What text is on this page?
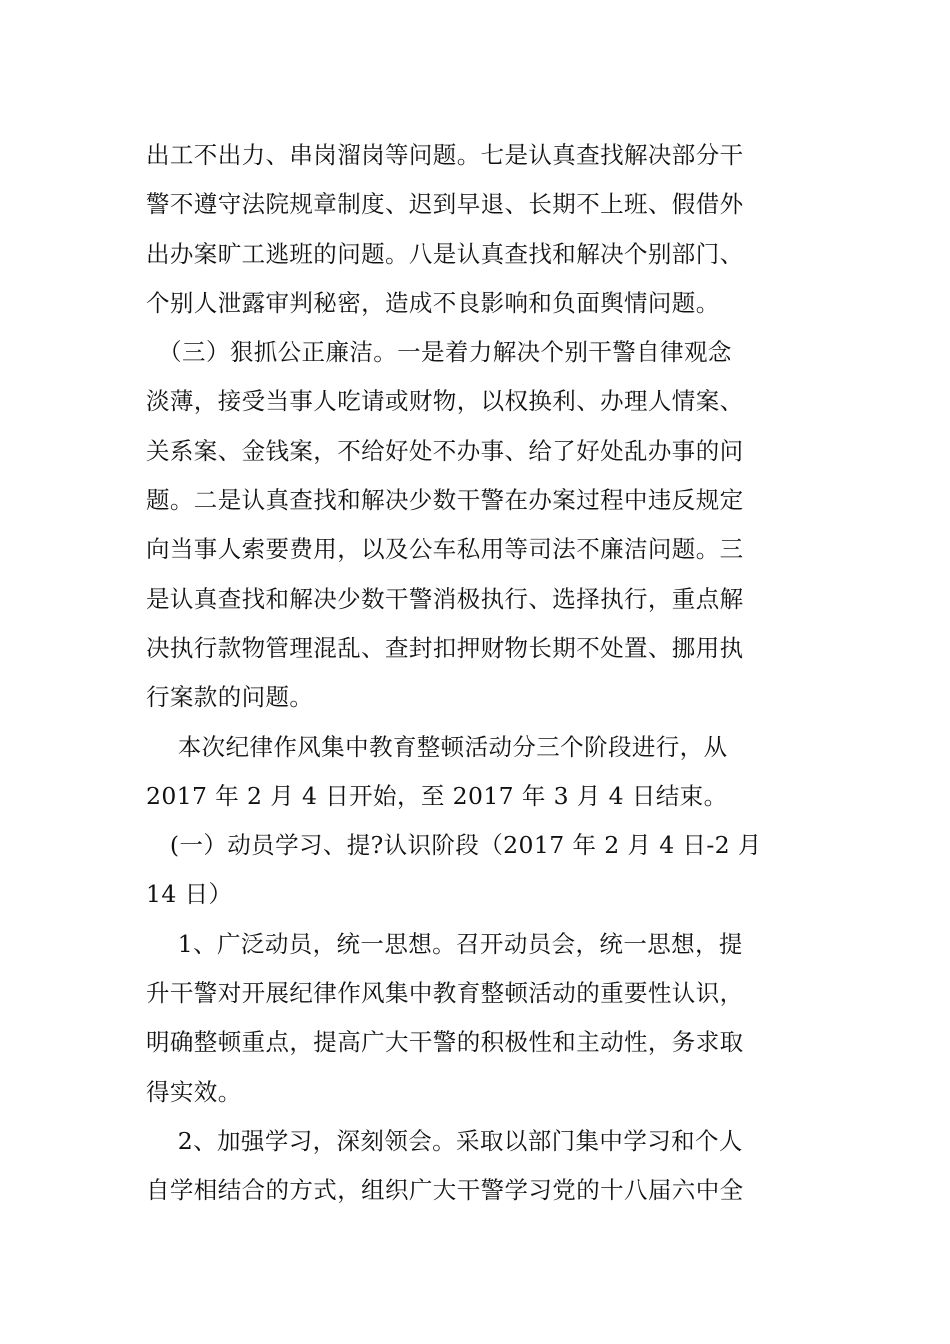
出工不出力、串岗溜岗等问题。七是认真查找解决部分干
警不遵守法院规章制度、迟到早退、长期不上班、假借外
出办案旷工逃班的问题。八是认真查找和解决个别部门、
个别人泄露审判秘密，造成不良影响和负面舆情问题。
　（三）狠抓公正廉洁。一是着力解决个别干警自律观念
淡薄，接受当事人吃请或财物，以权换利、办理人情案、
关系案、金钱案，不给好处不办事、给了好处乱办事的问
题。二是认真查找和解决少数干警在办案过程中违反规定
向当事人索要费用，以及公车私用等司法不廉洁问题。三
是认真查找和解决少数干警消极执行、选择执行，重点解
决执行款物管理混乱、查封扣押财物长期不处置、挪用执
行案款的问题。
　 本次纪律作风集中教育整顿活动分三个阶段进行，从
2017 年 2 月 4 日开始，至 2017 年 3 月 4 日结束。
　(一）动员学习、提?认识阶段（2017 年 2 月 4 日-2 月
14 日）
　 1、广泛动员，统一思想。召开动员会，统一思想，提
升干警对开展纪律作风集中教育整顿活动的重要性认识，
明确整顿重点，提高广大干警的积极性和主动性，务求取
得实效。
　 2、加强学习，深刻领会。采取以部门集中学习和个人
自学相结合的方式，组织广大干警学习党的十八届六中全
